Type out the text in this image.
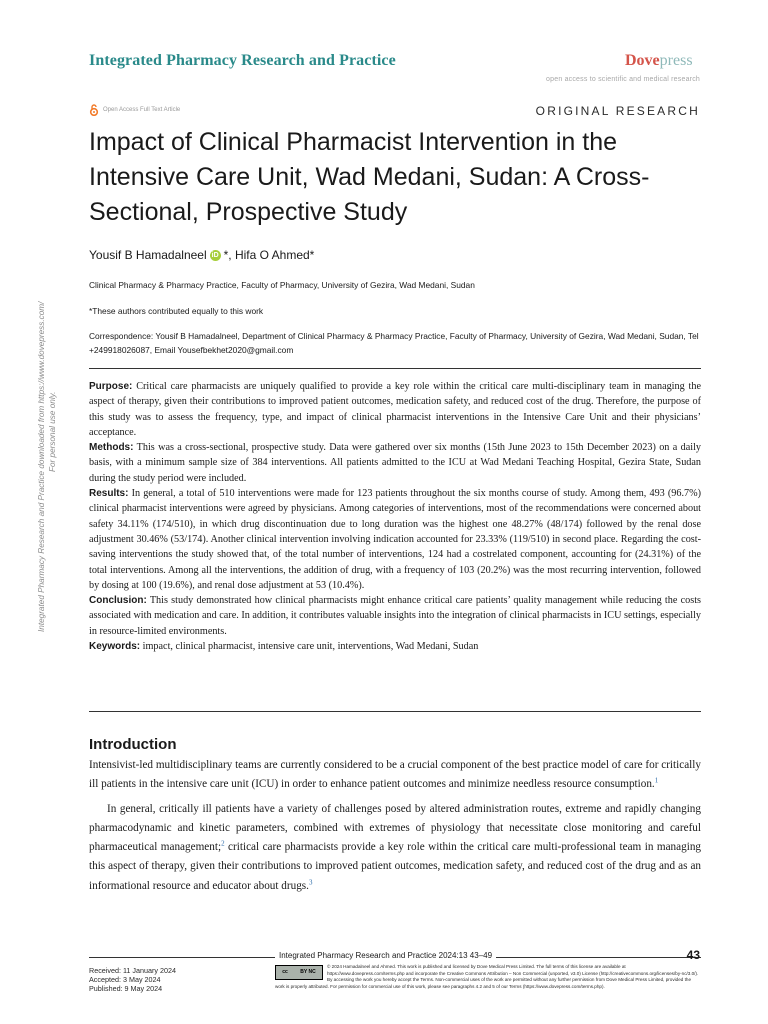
Integrated Pharmacy Research and Practice	Dovepress
open access to scientific and medical research
Open Access Full Text Article	ORIGINAL RESEARCH
Impact of Clinical Pharmacist Intervention in the Intensive Care Unit, Wad Medani, Sudan: A Cross-Sectional, Prospective Study
Yousif B Hamadalneel iD *, Hifa O Ahmed*
Clinical Pharmacy & Pharmacy Practice, Faculty of Pharmacy, University of Gezira, Wad Medani, Sudan
*These authors contributed equally to this work
Correspondence: Yousif B Hamadalneel, Department of Clinical Pharmacy & Pharmacy Practice, Faculty of Pharmacy, University of Gezira, Wad Medani, Sudan, Tel +249918026087, Email Yousefbekhet2020@gmail.com
Integrated Pharmacy Research and Practice downloaded from https://www.dovepress.com/ For personal use only.

Purpose: Critical care pharmacists are uniquely qualified to provide a key role within the critical care multi-disciplinary team in managing the aspect of therapy, given their contributions to improved patient outcomes, medication safety, and reduced cost of the drug. Therefore, the purpose of this study was to assess the frequency, type, and impact of clinical pharmacist interventions in the Intensive Care Unit and their physicians’ acceptance.

Methods: This was a cross-sectional, prospective study. Data were gathered over six months (15th June 2023 to 15th December 2023) on a daily basis, with a minimum sample size of 384 interventions. All patients admitted to the ICU at Wad Medani Teaching Hospital, Gezira State, Sudan during the study period were included.

Results: In general, a total of 510 interventions were made for 123 patients throughout the six months course of study. Among them, 493 (96.7%) clinical pharmacist interventions were agreed by physicians. Among categories of interventions, most of the recommendations were concerned about safety 34.11% (174/510), in which drug discontinuation due to long duration was the highest one 48.27% (48/174) followed by the renal dose adjustment 30.46% (53/174). Another clinical intervention involving indication accounted for 23.33% (119/510) in second place. Regarding the cost-saving interventions the study showed that, of the total number of interventions, 124 had a costrelated component, accounting for (24.31%) of the total interventions. Among all the interventions, the addition of drug, with a frequency of 103 (20.2%) was the most recurring intervention, followed by dosing at 100 (19.6%), and renal dose adjustment at 53 (10.4%).

Conclusion: This study demonstrated how clinical pharmacists might enhance critical care patients’ quality management while reducing the costs associated with medication and care. In addition, it contributes valuable insights into the integration of clinical pharmacists in ICU settings, especially in resource-limited environments.

Keywords: impact, clinical pharmacist, intensive care unit, interventions, Wad Medani, Sudan

Introduction

Intensivist-led multidisciplinary teams are currently considered to be a crucial component of the best practice model of care for critically ill patients in the intensive care unit (ICU) in order to enhance patient outcomes and minimize needless resource consumption.$^1$

In general, critically ill patients have a variety of challenges posed by altered administration routes, extreme and rapidly changing pharmacodynamic and kinetic parameters, combined with extremes of physiology that necessitate close monitoring and careful pharmaceutical management;$^2$ critical care pharmacists provide a key role within the critical care multi-professional team in managing this aspect of therapy, given their contributions to improved patient outcomes, medication safety, and reduced cost of the drug and as an informational resource and educator about drugs.$^3$

Integrated Pharmacy Research and Practice 2024:13 43–49	43
Received: 11 January 2024
Accepted: 3 May 2024
Published: 9 May 2024
cc BY NC
© 2024 Hamadalneel and Ahmed. This work is published and licensed by Dove Medical Press Limited. The full terms of this license are available at https://www.dovepress.com/terms.php and incorporate the Creative Commons Attribution – Non Commercial (unported, v3.0) License (http://creativecommons.org/licenses/by-nc/3.0/). By accessing the work you hereby accept the Terms. Non-commercial uses of the work are permitted without any further permission from Dove Medical Press Limited, provided the work is properly attributed. For permission for commercial use of this work, please see paragraphs 4.2 and 5 of our Terms (https://www.dovepress.com/terms.php).
